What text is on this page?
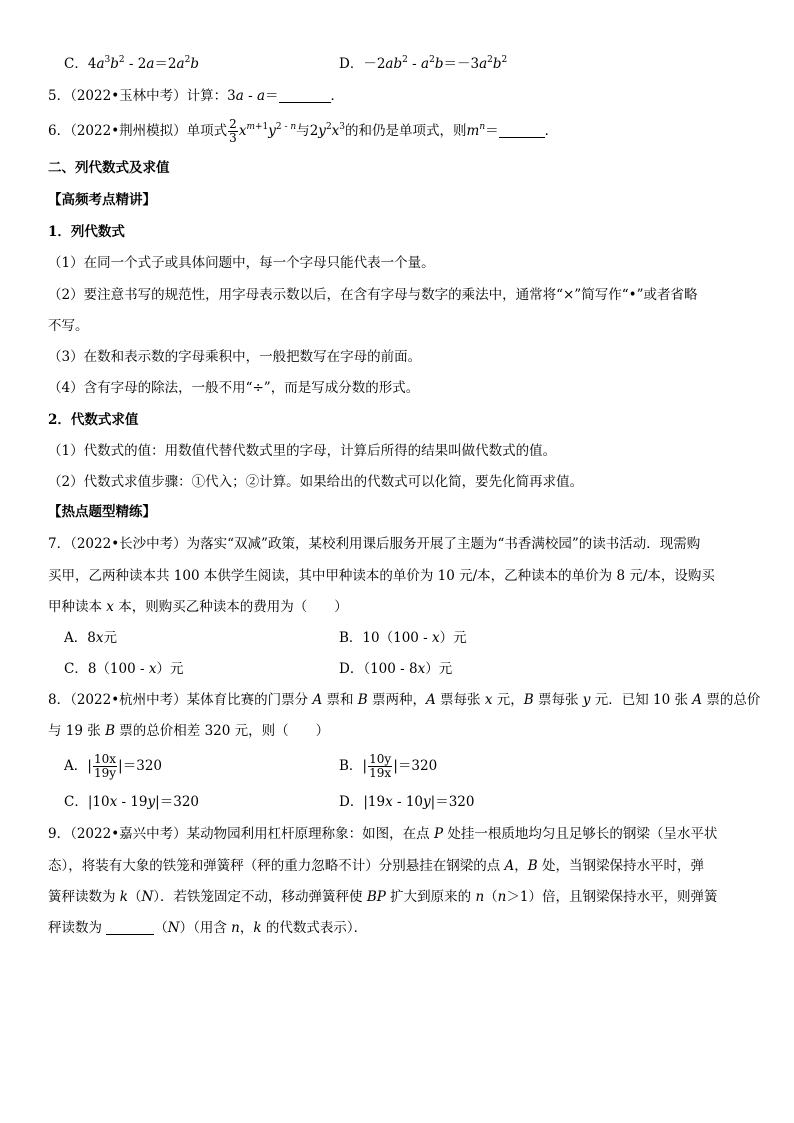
C．$4a^3b^2 - 2a=2a^2b$	D．$-2ab^2 - a^2b=-3a^2b^2$
5．（2022•玉林中考）计算：3a - a＝	．
6．（2022•荆州模拟）单项式 $\frac{2}{3} x^{m+1}y^{2 - n}$与$2y^2x^3$的和仍是单项式，则$m^n=$	．
二、列代数式及求值
【高频考点精讲】
1．列代数式
（1）在同一个式子或具体问题中，每一个字母只能代表一个量。
（2）要注意书写的规范性，用字母表示数以后，在含有字母与数字的乘法中，通常将“×”简写作“•”或者省略
不写。
（3）在数和表示数的字母乘积中，一般把数写在字母的前面。
（4）含有字母的除法，一般不用“÷”，而是写成分数的形式。
2．代数式求值
（1）代数式的值：用数值代替代数式里的字母，计算后所得的结果叫做代数式的值。
（2）代数式求值步骤：①代入；②计算。如果给出的代数式可以化简，要先化简再求值。
【热点题型精练】
7．（2022•长沙中考）为落实“双减”政策，某校利用课后服务开展了主题为“书香满校园”的读书活动．现需购
买甲，乙两种读本共 100 本供学生阅读，其中甲种读本的单价为 10 元/本，乙种读本的单价为 8 元/本，设购买
甲种读本 x 本，则购买乙种读本的费用为（　　）
A．8x元	B．10（100 - x）元
C．8（100 - x）元	D．（100 - 8x）元
8．（2022•杭州中考）某体育比赛的门票分 A 票和 B 票两种，A 票每张 x 元，B 票每张 y 元．已知 10 张 A 票的总价
与 19 张 B 票的总价相差 320 元，则（　　）
A．| $\frac{10x}{19y} |=320$	B．| $\frac{10y}{19x} |=320$
C．|10x - 19y|＝320	D．|19x - 10y|＝320
9．（2022•嘉兴中考）某动物园利用杠杆原理称象：如图，在点 P 处挂一根质地均匀且足够长的钢梁（呈水平状
态），将装有大象的铁笼和弹簧秤（秤的重力忽略不计）分别悬挂在钢梁的点 A，B 处，当钢梁保持水平时，弹
簧秤读数为 k（N）．若铁笼固定不动，移动弹簧秤使 BP 扩大到原来的 n（n＞1）倍，且钢梁保持水平，则弹簧
秤读数为	（N）（用含 n，k 的代数式表示）．
